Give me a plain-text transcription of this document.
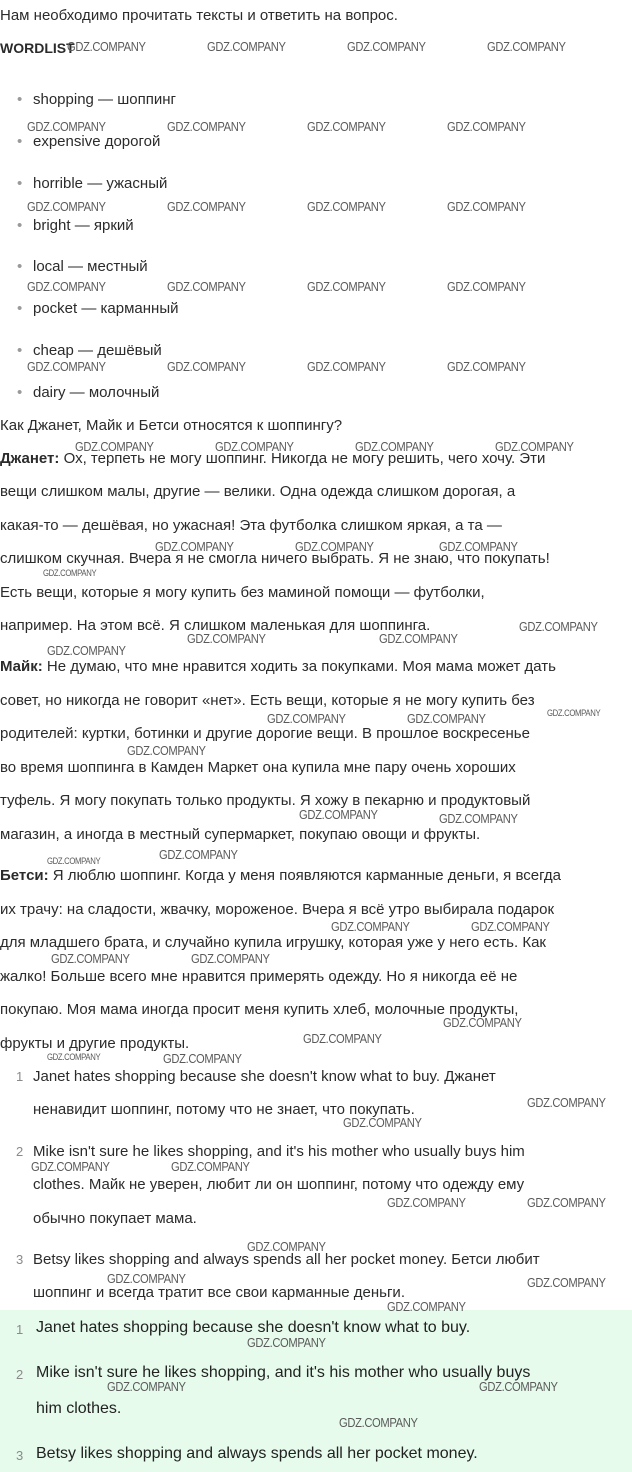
Нам необходимо прочитать тексты и ответить на вопрос.
WORDLIST
• shopping — шоппинг
• expensive дорогой
• horrible — ужасный
• bright — яркий
• local — местный
• pocket — карманный
• cheap — дешёвый
• dairy — молочный
Как Джанет, Майк и Бетси относятся к шоппингу?
Джанет: Ох, терпеть не могу шоппинг. Никогда не могу решить, чего хочу. Эти
вещи слишком малы, другие — велики. Одна одежда слишком дорогая, а
какая-то — дешёвая, но ужасная! Эта футболка слишком яркая, а та —
слишком скучная. Вчера я не смогла ничего выбрать. Я не знаю, что покупать!
Есть вещи, которые я могу купить без маминой помощи — футболки,
например. На этом всё. Я слишком маленькая для шоппинга.
Майк: Не думаю, что мне нравится ходить за покупками. Моя мама может дать
совет, но никогда не говорит «нет». Есть вещи, которые я не могу купить без
родителей: куртки, ботинки и другие дорогие вещи. В прошлое воскресенье
во время шоппинга в Камден Маркет она купила мне пару очень хороших
туфель. Я могу покупать только продукты. Я хожу в пекарню и продуктовый
магазин, а иногда в местный супермаркет, покупаю овощи и фрукты.
Бетси: Я люблю шоппинг. Когда у меня появляются карманные деньги, я всегда
их трачу: на сладости, жвачку, мороженое. Вчера я всё утро выбирала подарок
для младшего брата, и случайно купила игрушку, которая уже у него есть. Как
жалко! Больше всего мне нравится примерять одежду. Но я никогда её не
покупаю. Моя мама иногда просит меня купить хлеб, молочные продукты,
фрукты и другие продукты.
1 Janet hates shopping because she doesn't know what to buy. Джанет
ненавидит шоппинг, потому что не знает, что покупать.
2 Mike isn't sure he likes shopping, and it's his mother who usually buys him
clothes. Майк не уверен, любит ли он шоппинг, потому что одежду ему
обычно покупает мама.
3 Betsy likes shopping and always spends all her pocket money. Бетси любит
шоппинг и всегда тратит все свои карманные деньги.
1 Janet hates shopping because she doesn't know what to buy.
2 Mike isn't sure he likes shopping, and it's his mother who usually buys
him clothes.
3 Betsy likes shopping and always spends all her pocket money.
GDZ.COMPANY	GDZ.COMPANY	GDZ.COMPANY	GDZ.COMPANY
GDZ.COMPANY	GDZ.COMPANY	GDZ.COMPANY	GDZ.COMPANY
GDZ.COMPANY	GDZ.COMPANY	GDZ.COMPANY	GDZ.COMPANY
GDZ.COMPANY	GDZ.COMPANY	GDZ.COMPANY	GDZ.COMPANY
GDZ.COMPANY	GDZ.COMPANY	GDZ.COMPANY	GDZ.COMPANY
GDZ.COMPANY	GDZ.COMPANY	GDZ.COMPANY	GDZ.COMPANY
GDZ.COMPANY	GDZ.COMPANY	GDZ.COMPANY
GDZ.COMPANY
GDZ.COMPANY
GDZ.COMPANY	GDZ.COMPANY
GDZ.COMPANY
GDZ.COMPANY
GDZ.COMPANY	GDZ.COMPANY
GDZ.COMPANY
GDZ.COMPANY	GDZ.COMPANY
GDZ.COMPANY
GDZ.COMPANY
GDZ.COMPANY	GDZ.COMPANY
GDZ.COMPANY	GDZ.COMPANY
GDZ.COMPANY
GDZ.COMPANY
GDZ.COMPANY	GDZ.COMPANY
GDZ.COMPANY
GDZ.COMPANY
GDZ.COMPANY	GDZ.COMPANY
GDZ.COMPANY	GDZ.COMPANY
GDZ.COMPANY
GDZ.COMPANY	GDZ.COMPANY
GDZ.COMPANY
GDZ.COMPANY
GDZ.COMPANY	GDZ.COMPANY
GDZ.COMPANY
